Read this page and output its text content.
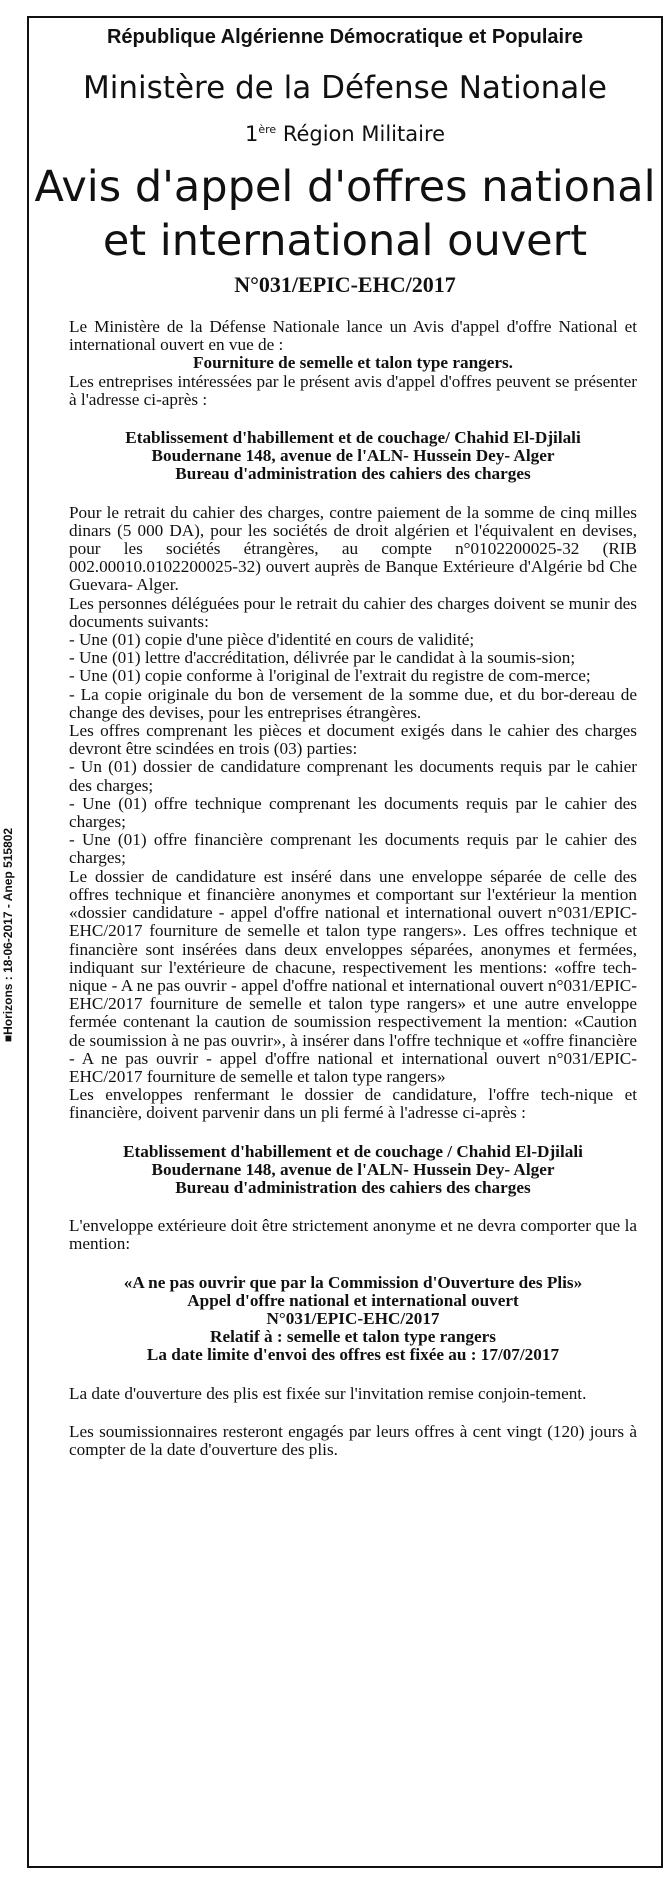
■Horizons : 18-06-2017 - Anep 515802
République Algérienne Démocratique et Populaire
Ministère de la Défense Nationale
1ère Région Militaire
Avis d'appel d'offres national
et international ouvert
N°031/EPIC-EHC/2017

Le Ministère de la Défense Nationale lance un Avis d'appel d'offre National et international ouvert en vue de :

Fourniture de semelle et talon type rangers.

Les entreprises intéressées par le présent avis d'appel d'offres peuvent se présenter à l'adresse ci-après :

Etablissement d'habillement et de couchage/ Chahid El-Djilali

Boudernane 148, avenue de l'ALN- Hussein Dey- Alger

Bureau d'administration des cahiers des charges

Pour le retrait du cahier des charges, contre paiement de la somme de cinq milles dinars (5 000 DA), pour les sociétés de droit algérien et l'équivalent en devises, pour les sociétés étrangères, au compte n°0102200025-32 (RIB 002.00010.0102200025-32) ouvert auprès de Banque Extérieure d'Algérie bd Che Guevara- Alger.

Les personnes déléguées pour le retrait du cahier des charges doivent se munir des documents suivants:

- Une (01) copie d'une pièce d'identité en cours de validité;

- Une (01) lettre d'accréditation, délivrée par le candidat à la soumis-sion;

- Une (01) copie conforme à l'original de l'extrait du registre de com-merce;

- La copie originale du bon de versement de la somme due, et du bor-dereau de change des devises, pour les entreprises étrangères.

Les offres comprenant les pièces et document exigés dans le cahier des charges devront être scindées en trois (03) parties:

- Un (01) dossier de candidature comprenant les documents requis par le cahier des charges;

- Une (01) offre technique comprenant les documents requis par le cahier des charges;

- Une (01) offre financière comprenant les documents requis par le cahier des charges;

Le dossier de candidature est inséré dans une enveloppe séparée de celle des offres technique et financière anonymes et comportant sur l'extérieur la mention «dossier candidature - appel d'offre national et international ouvert n°031/EPIC-EHC/2017 fourniture de semelle et talon type rangers». Les offres technique et financière sont insérées dans deux enveloppes séparées, anonymes et fermées, indiquant sur l'extérieure de chacune, respectivement les mentions: «offre tech-nique - A ne pas ouvrir - appel d'offre national et international ouvert n°031/EPIC-EHC/2017 fourniture de semelle et talon type rangers» et une autre enveloppe fermée contenant la caution de soumission respectivement la mention: «Caution de soumission à ne pas ouvrir», à insérer dans l'offre technique et «offre financière - A ne pas ouvrir - appel d'offre national et international ouvert n°031/EPIC-EHC/2017 fourniture de semelle et talon type rangers»

Les enveloppes renfermant le dossier de candidature, l'offre tech-nique et financière, doivent parvenir dans un pli fermé à l'adresse ci-après :

Etablissement d'habillement et de couchage / Chahid El-Djilali

Boudernane 148, avenue de l'ALN- Hussein Dey- Alger

Bureau d'administration des cahiers des charges

L'enveloppe extérieure doit être strictement anonyme et ne devra comporter que la mention:

«A ne pas ouvrir que par la Commission d'Ouverture des Plis»

Appel d'offre national et international ouvert

N°031/EPIC-EHC/2017

Relatif à : semelle et talon type rangers

La date limite d'envoi des offres est fixée au : 17/07/2017

La date d'ouverture des plis est fixée sur l'invitation remise conjoin-tement.

Les soumissionnaires resteront engagés par leurs offres à cent vingt (120) jours à compter de la date d'ouverture des plis.
